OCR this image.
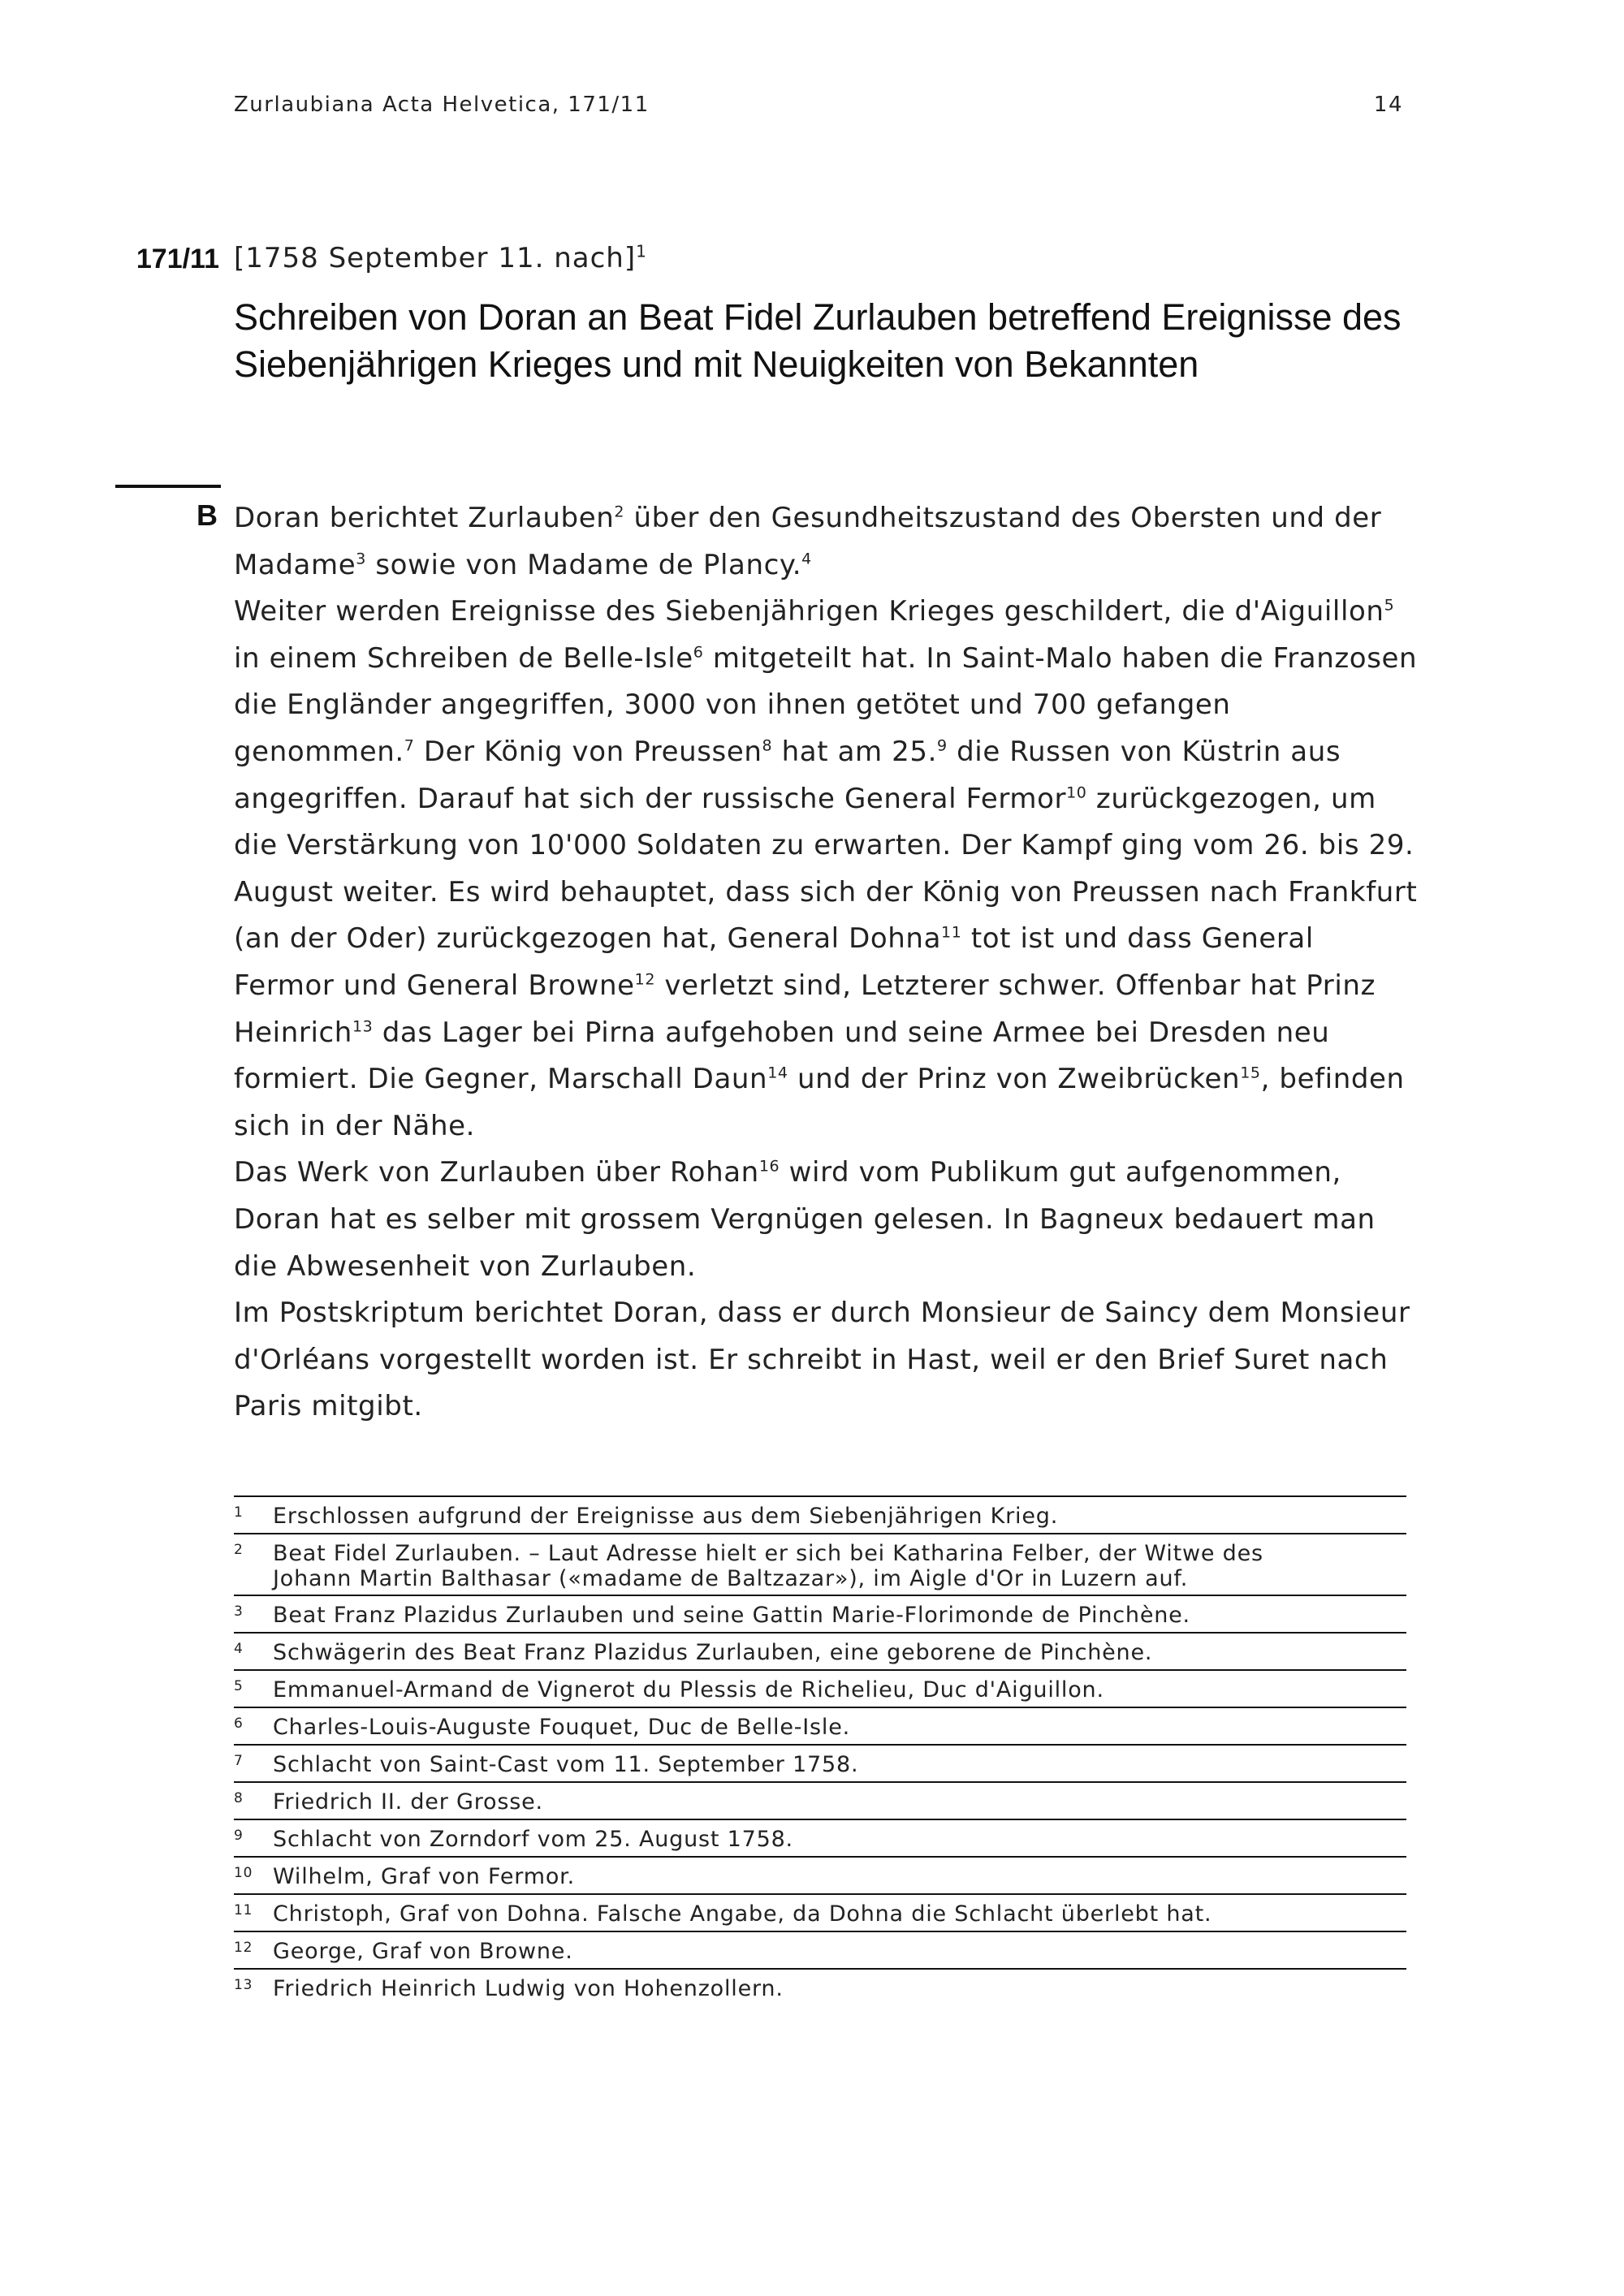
Zurlaubiana Acta Helvetica, 171/11	14
171/11 [1758 September 11. nach]$^1$
Schreiben von Doran an Beat Fidel Zurlauben betreffend Ereignisse des Siebenjährigen Krieges und mit Neuigkeiten von Bekannten
B Doran berichtet Zurlauben$^2$ über den Gesundheitszustand des Obersten und der Madame$^3$ sowie von Madame de Plancy.$^4$

Weiter werden Ereignisse des Siebenjährigen Krieges geschildert, die d'Aiguillon$^5$ in einem Schreiben de Belle-Isle$^6$ mitgeteilt hat. In Saint-Malo haben die Franzosen die Engländer angegriffen, 3000 von ihnen getötet und 700 gefangen genommen.$^7$ Der König von Preussen$^8$ hat am 25.$^9$ die Russen von Küstrin aus angegriffen. Darauf hat sich der russische General Fermor$^{10}$ zurückgezogen, um die Verstärkung von 10'000 Soldaten zu erwarten. Der Kampf ging vom 26. bis 29. August weiter. Es wird behauptet, dass sich der König von Preussen nach Frankfurt (an der Oder) zurückgezogen hat, General Dohna$^{11}$ tot ist und dass General Fermor und General Browne$^{12}$ verletzt sind, Letzterer schwer. Offenbar hat Prinz Heinrich$^{13}$ das Lager bei Pirna aufgehoben und seine Armee bei Dresden neu formiert. Die Gegner, Marschall Daun$^{14}$ und der Prinz von Zweibrücken$^{15}$, befinden sich in der Nähe.

Das Werk von Zurlauben über Rohan$^{16}$ wird vom Publikum gut aufgenommen, Doran hat es selber mit grossem Vergnügen gelesen. In Bagneux bedauert man die Abwesenheit von Zurlauben.

Im Postskriptum berichtet Doran, dass er durch Monsieur de Saincy dem Monsieur d'Orléans vorgestellt worden ist. Er schreibt in Hast, weil er den Brief Suret nach Paris mitgibt.

1	Erschlossen aufgrund der Ereignisse aus dem Siebenjährigen Krieg.
2	Beat Fidel Zurlauben. – Laut Adresse hielt er sich bei Katharina Felber, der Witwe des
Johann Martin Balthasar («madame de Baltzazar»), im Aigle d'Or in Luzern auf.
3	Beat Franz Plazidus Zurlauben und seine Gattin Marie-Florimonde de Pinchène.
4	Schwägerin des Beat Franz Plazidus Zurlauben, eine geborene de Pinchène.
5	Emmanuel-Armand de Vignerot du Plessis de Richelieu, Duc d'Aiguillon.
6	Charles-Louis-Auguste Fouquet, Duc de Belle-Isle.
7	Schlacht von Saint-Cast vom 11. September 1758.
8	Friedrich II. der Grosse.
9	Schlacht von Zorndorf vom 25. August 1758.
10 Wilhelm, Graf von Fermor.
11 Christoph, Graf von Dohna. Falsche Angabe, da Dohna die Schlacht überlebt hat.
12 George, Graf von Browne.
13 Friedrich Heinrich Ludwig von Hohenzollern.
